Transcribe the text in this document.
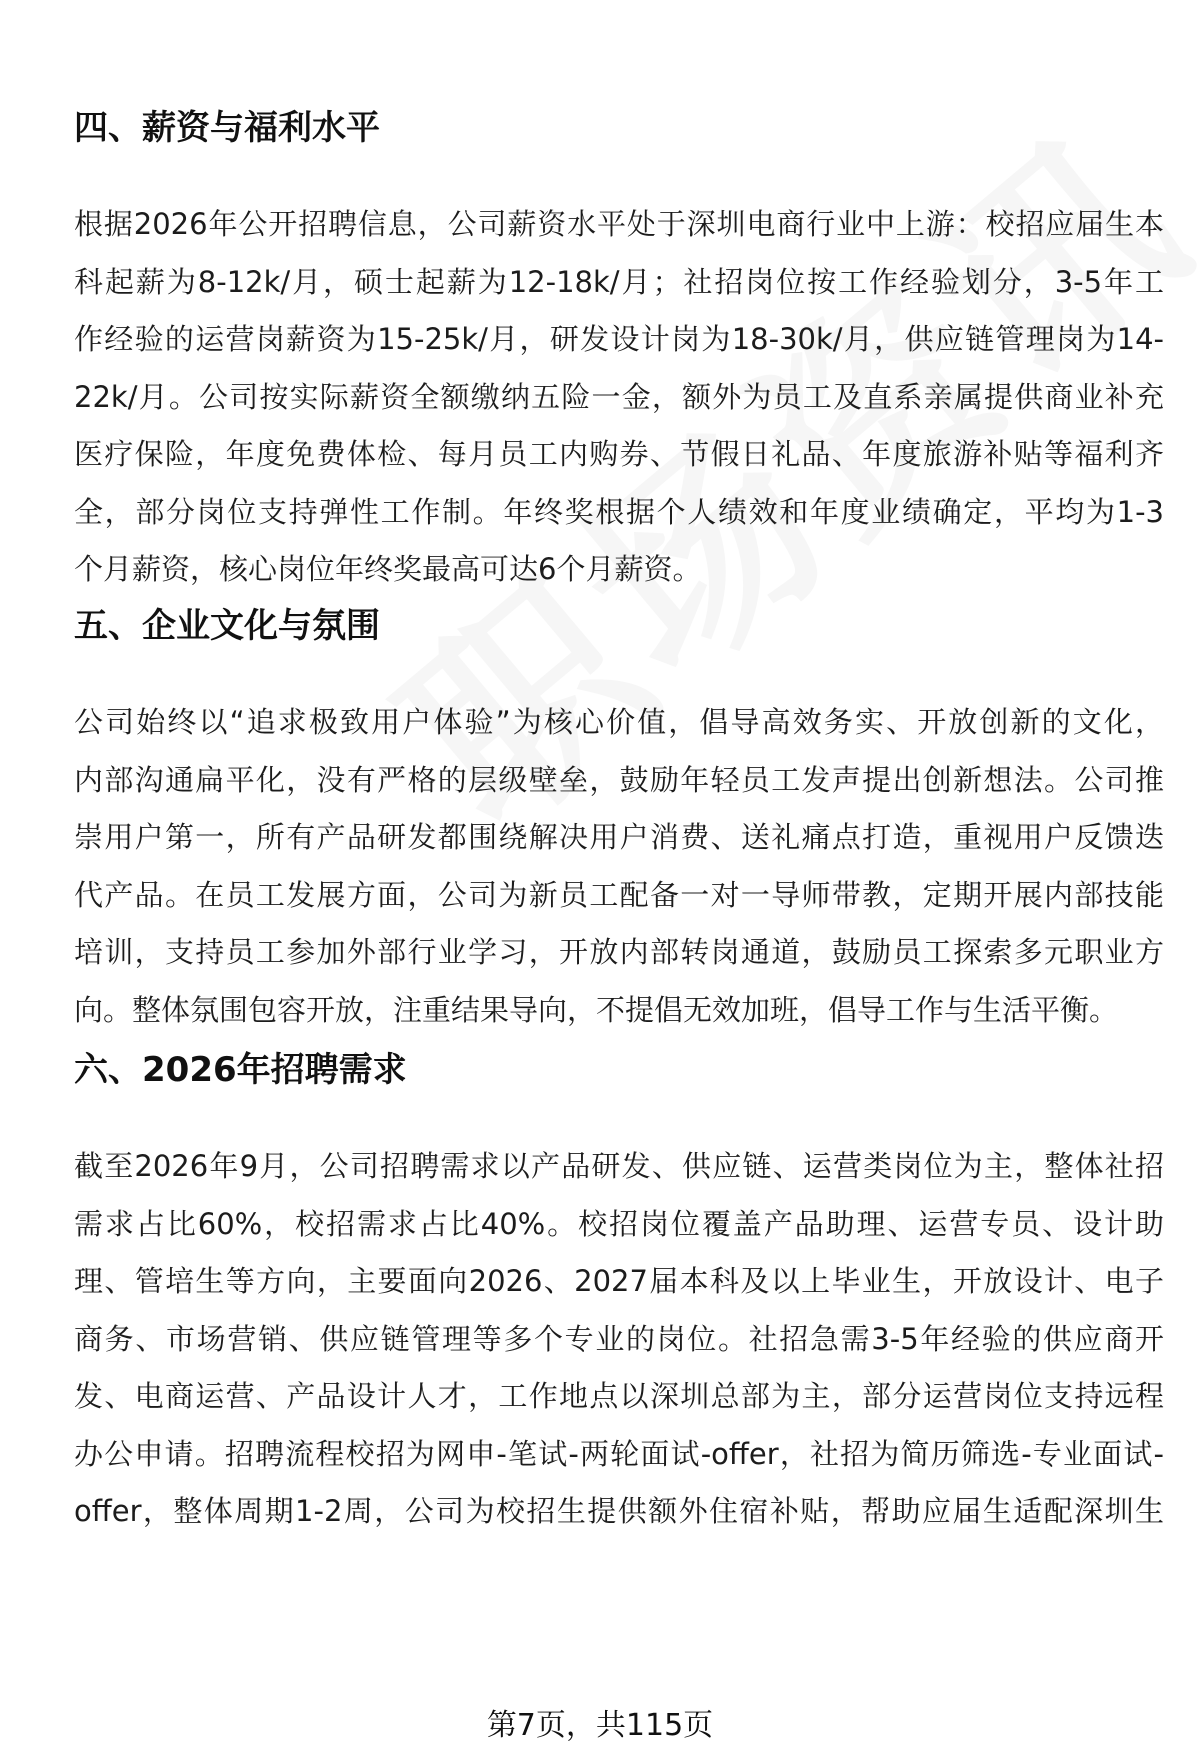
四、薪资与福利水平

根据2026年公开招聘信息，公司薪资水平处于深圳电商行业中上游：校招应届生本
科起薪为8-12k/月，硕士起薪为12-18k/月；社招岗位按工作经验划分，3-5年工
作经验的运营岗薪资为15-25k/月，研发设计岗为18-30k/月，供应链管理岗为14-
22k/月。公司按实际薪资全额缴纳五险一金，额外为员工及直系亲属提供商业补充
医疗保险，年度免费体检、每月员工内购券、节假日礼品、年度旅游补贴等福利齐
全，部分岗位支持弹性工作制。年终奖根据个人绩效和年度业绩确定，平均为1-3
个月薪资，核心岗位年终奖最高可达6个月薪资。

五、企业文化与氛围

公司始终以“追求极致用户体验”为核心价值，倡导高效务实、开放创新的文化，
内部沟通扁平化，没有严格的层级壁垒，鼓励年轻员工发声提出创新想法。公司推
崇用户第一，所有产品研发都围绕解决用户消费、送礼痛点打造，重视用户反馈迭
代产品。在员工发展方面，公司为新员工配备一对一导师带教，定期开展内部技能
培训，支持员工参加外部行业学习，开放内部转岗通道，鼓励员工探索多元职业方
向。整体氛围包容开放，注重结果导向，不提倡无效加班，倡导工作与生活平衡。

六、2026年招聘需求

截至2026年9月，公司招聘需求以产品研发、供应链、运营类岗位为主，整体社招
需求占比60%，校招需求占比40%。校招岗位覆盖产品助理、运营专员、设计助
理、管培生等方向，主要面向2026、2027届本科及以上毕业生，开放设计、电子
商务、市场营销、供应链管理等多个专业的岗位。社招急需3-5年经验的供应商开
发、电商运营、产品设计人才，工作地点以深圳总部为主，部分运营岗位支持远程
办公申请。招聘流程校招为网申-笔试-两轮面试-offer，社招为简历筛选-专业面试-
offer，整体周期1-2周，公司为校招生提供额外住宿补贴，帮助应届生适配深圳生

第7页，共115页
